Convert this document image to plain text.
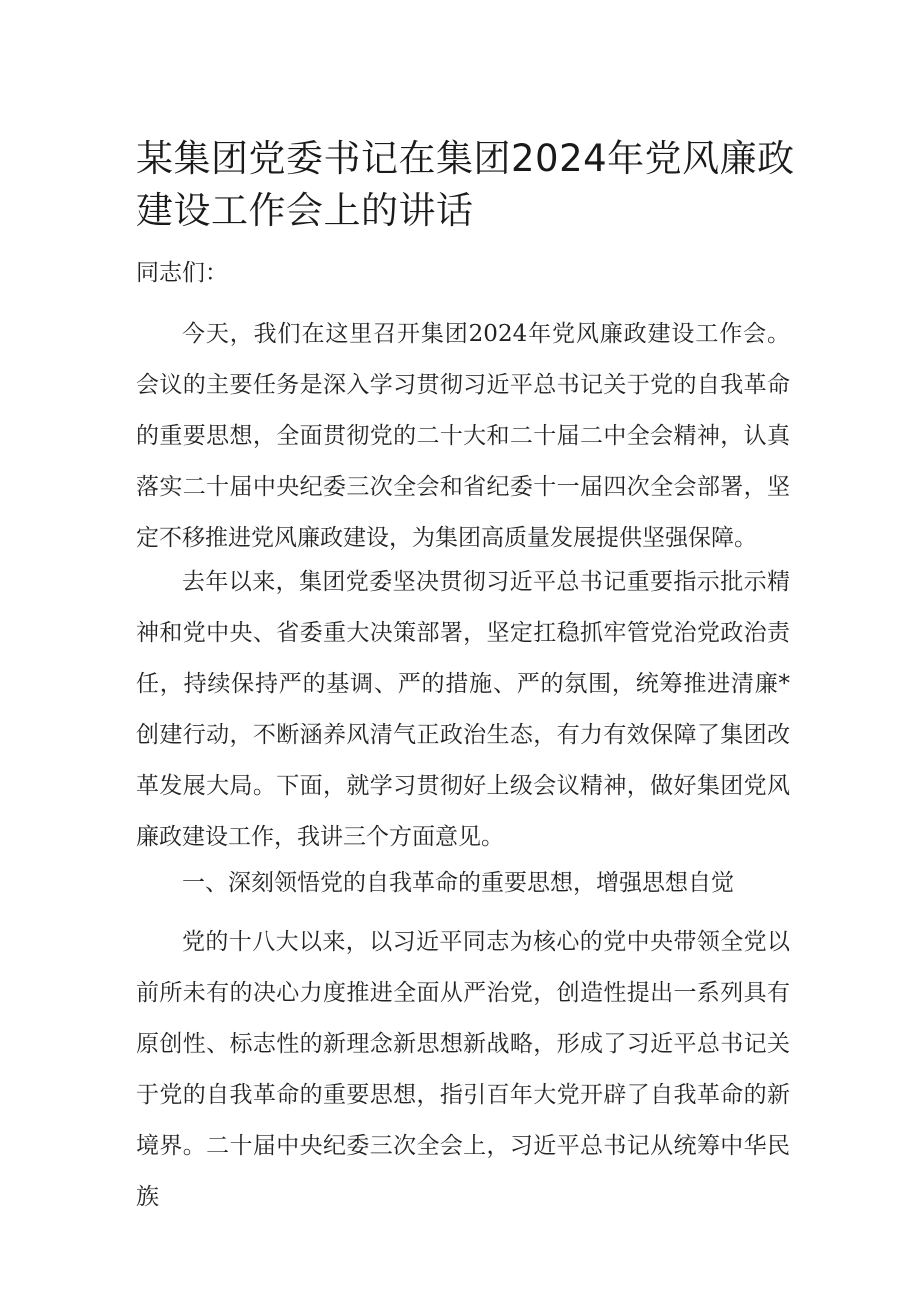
某集团党委书记在集团2024年党风廉政建设工作会上的讲话

同志们：

今天，我们在这里召开集团2024年党风廉政建设工作会。会议的主要任务是深入学习贯彻习近平总书记关于党的自我革命的重要思想，全面贯彻党的二十大和二十届二中全会精神，认真落实二十届中央纪委三次全会和省纪委十一届四次全会部署，坚定不移推进党风廉政建设，为集团高质量发展提供坚强保障。

去年以来，集团党委坚决贯彻习近平总书记重要指示批示精神和党中央、省委重大决策部署，坚定扛稳抓牢管党治党政治责任，持续保持严的基调、严的措施、严的氛围，统筹推进清廉*创建行动，不断涵养风清气正政治生态，有力有效保障了集团改革发展大局。下面，就学习贯彻好上级会议精神，做好集团党风廉政建设工作，我讲三个方面意见。

一、深刻领悟党的自我革命的重要思想，增强思想自觉

党的十八大以来，以习近平同志为核心的党中央带领全党以前所未有的决心力度推进全面从严治党，创造性提出一系列具有原创性、标志性的新理念新思想新战略，形成了习近平总书记关于党的自我革命的重要思想，指引百年大党开辟了自我革命的新境界。二十届中央纪委三次全会上，习近平总书记从统筹中华民族
